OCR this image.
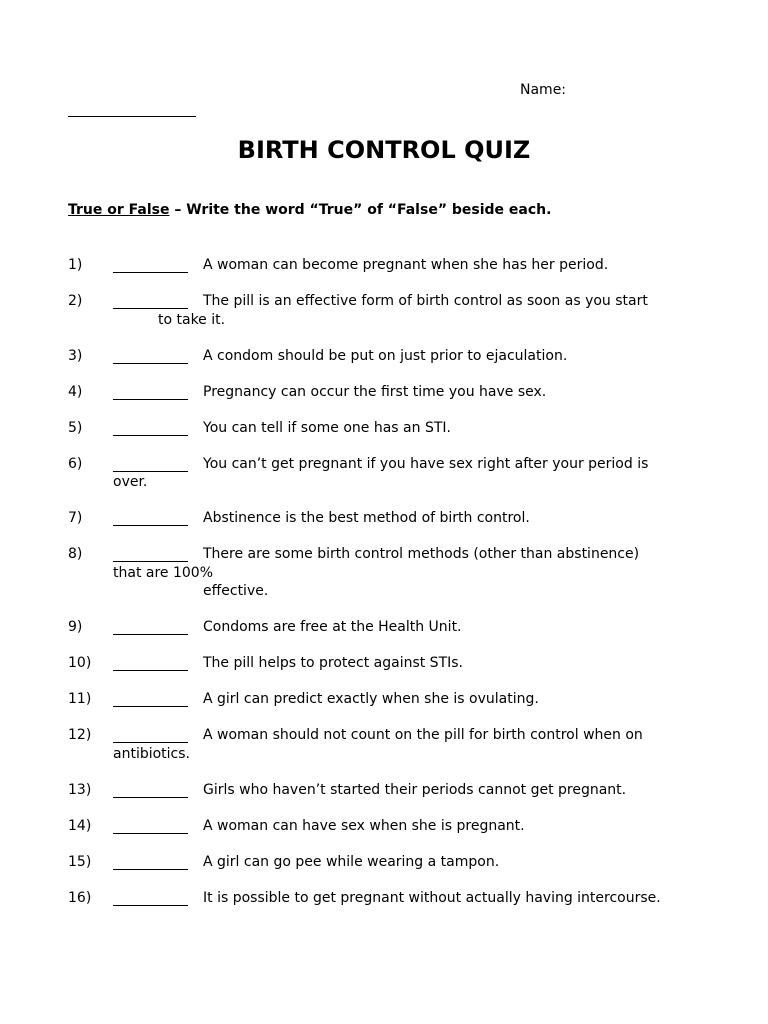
Name:
BIRTH CONTROL QUIZ
True or False – Write the word “True” of “False” beside each.
1)	A woman can become pregnant when she has her period.
2)	The pill is an effective form of birth control as soon as you start
to take it.
3)	A condom should be put on just prior to ejaculation.
4)	Pregnancy can occur the first time you have sex.
5)	You can tell if some one has an STI.
6)	You can’t get pregnant if you have sex right after your period is
over.
7)	Abstinence is the best method of birth control.
8)	There are some birth control methods (other than abstinence)
that are 100%
effective.
9)	Condoms are free at the Health Unit.
10)	The pill helps to protect against STIs.
11)	A girl can predict exactly when she is ovulating.
12)	A woman should not count on the pill for birth control when on
antibiotics.
13)	Girls who haven’t started their periods cannot get pregnant.
14)	A woman can have sex when she is pregnant.
15)	A girl can go pee while wearing a tampon.
16)	It is possible to get pregnant without actually having intercourse.
